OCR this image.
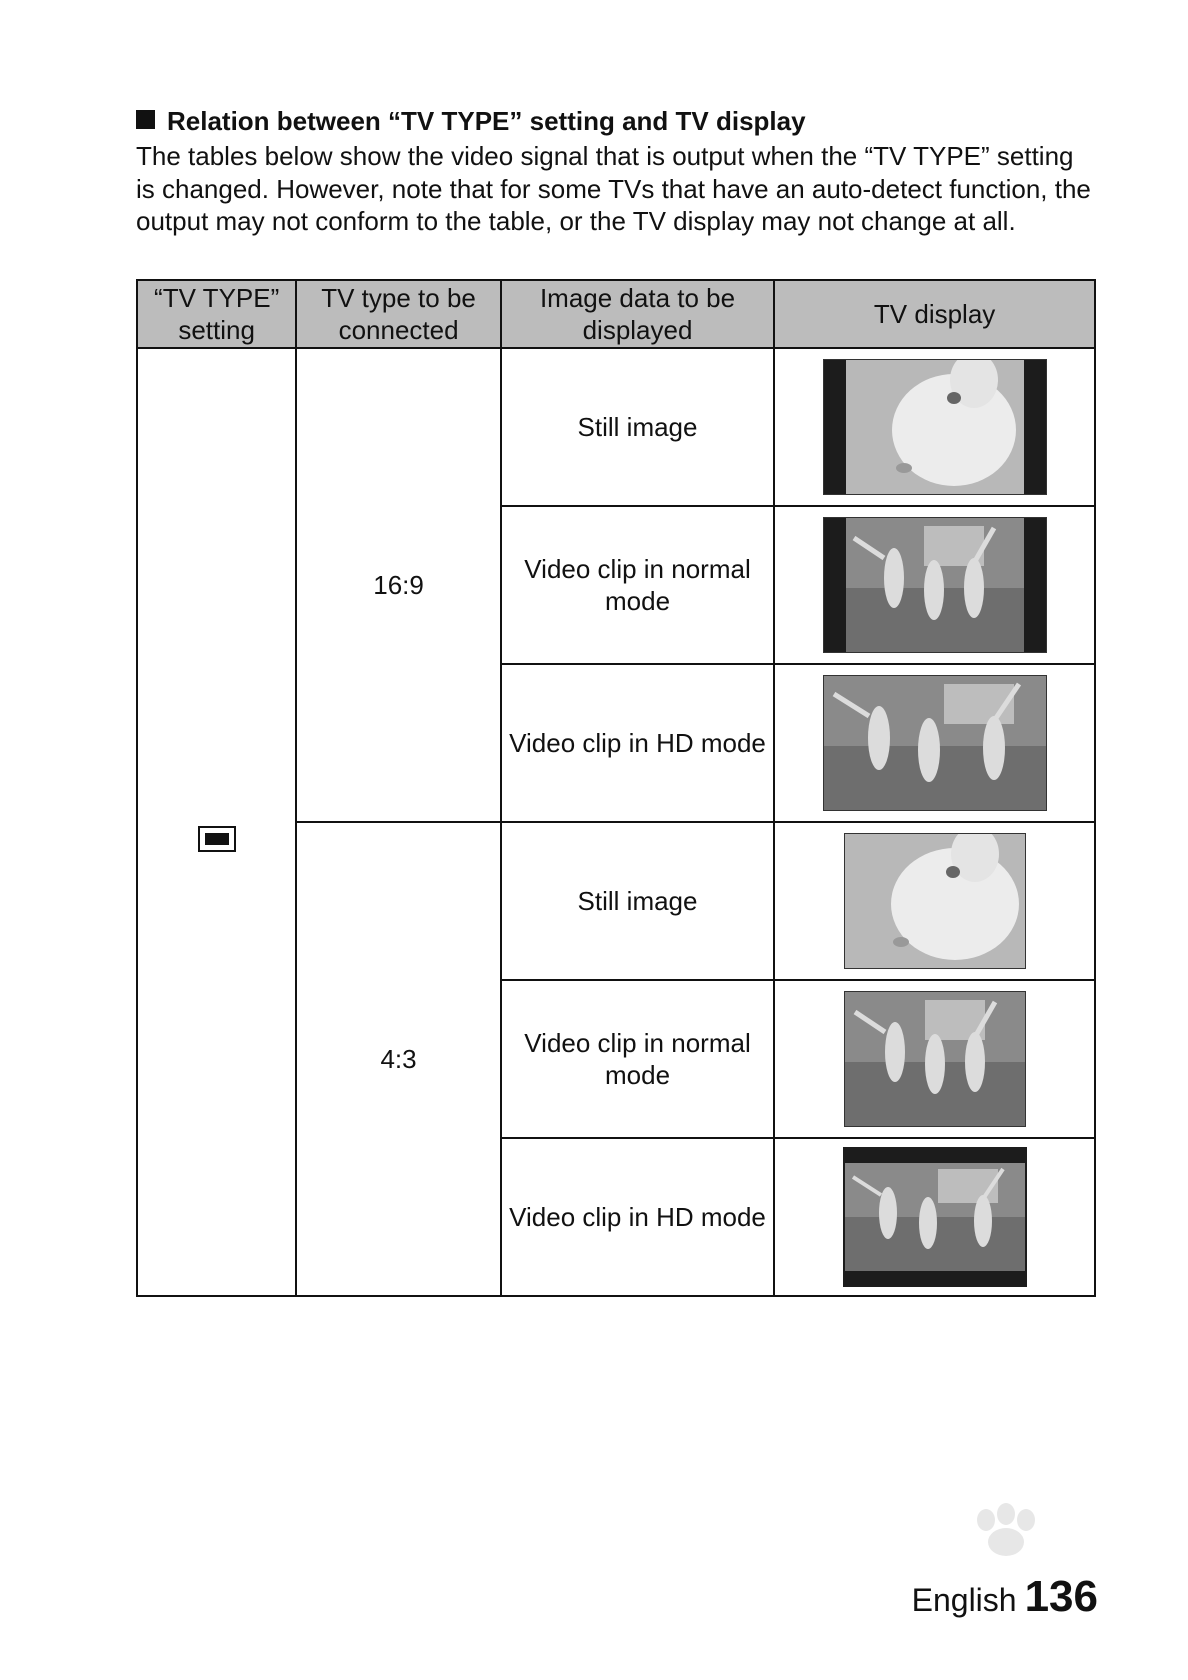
Relation between “TV TYPE” setting and TV display
The tables below show the video signal that is output when the “TV TYPE” setting is changed. However, note that for some TVs that have an auto-detect function, the output may not conform to the table, or the TV display may not change at all.
“TV TYPE” setting	TV type to be connected	Image data to be displayed	TV display
	16:9	Still image	

		Video clip in normal mode	

		Video clip in HD mode	

	4:3	Still image	

		Video clip in normal mode	

		Video clip in HD mode	
English 136
